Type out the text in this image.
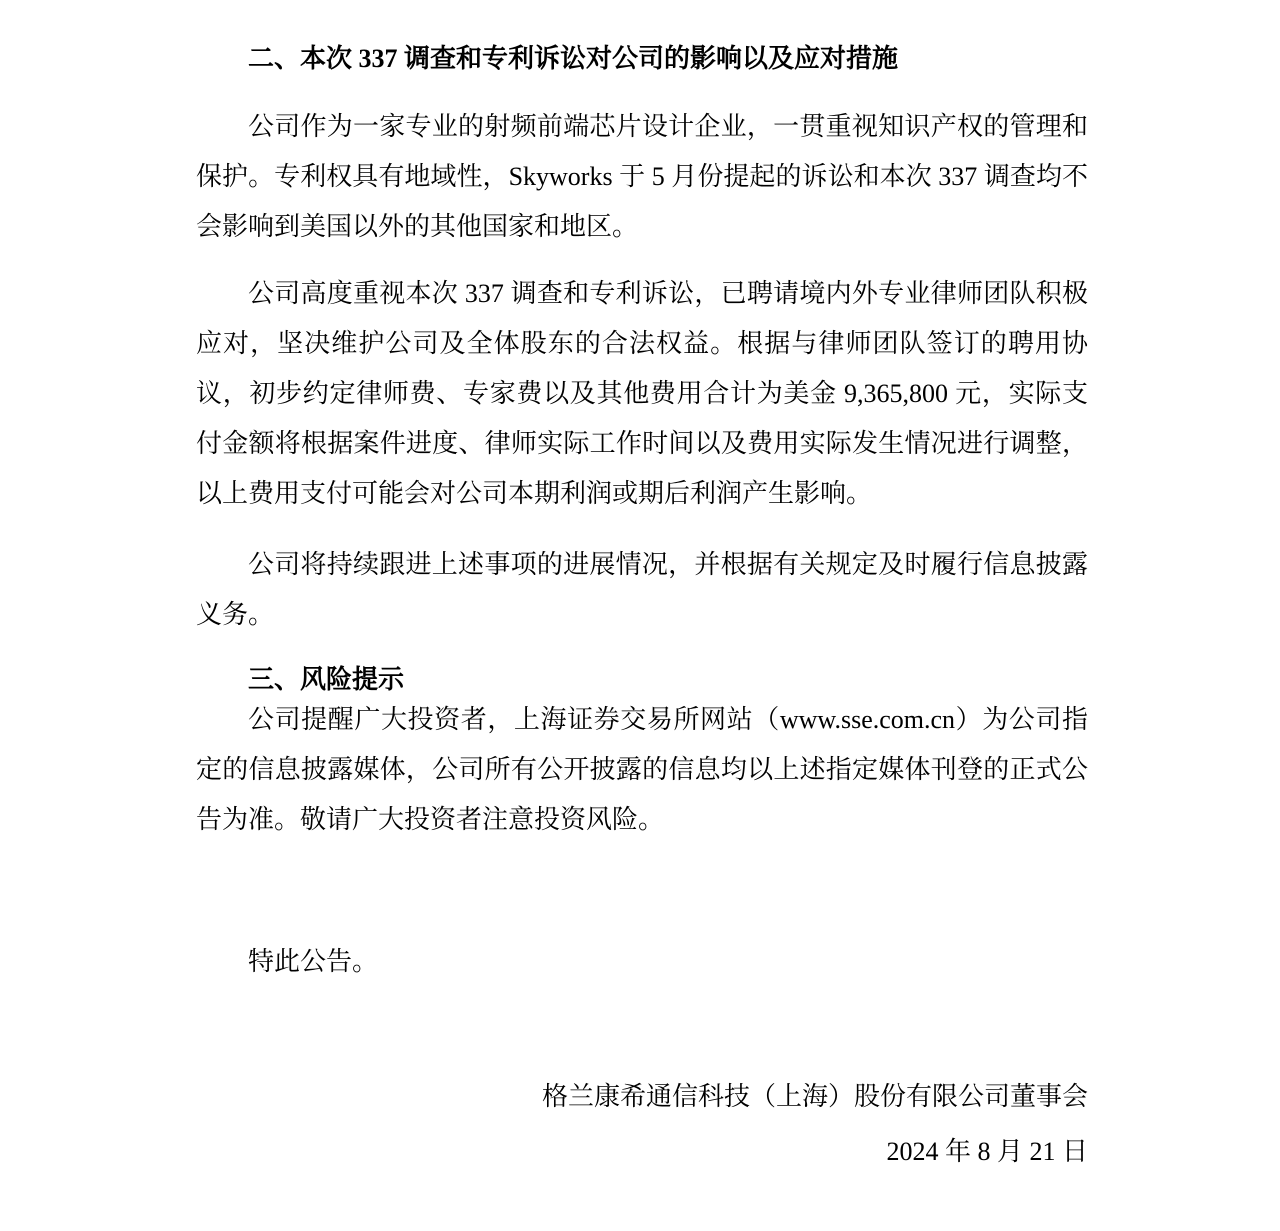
二、本次 337 调查和专利诉讼对公司的影响以及应对措施

公司作为一家专业的射频前端芯片设计企业，一贯重视知识产权的管理和保护。专利权具有地域性，Skyworks 于 5 月份提起的诉讼和本次 337 调查均不会影响到美国以外的其他国家和地区。

公司高度重视本次 337 调查和专利诉讼，已聘请境内外专业律师团队积极应对，坚决维护公司及全体股东的合法权益。根据与律师团队签订的聘用协议，初步约定律师费、专家费以及其他费用合计为美金 9,365,800 元，实际支付金额将根据案件进度、律师实际工作时间以及费用实际发生情况进行调整，以上费用支付可能会对公司本期利润或期后利润产生影响。

公司将持续跟进上述事项的进展情况，并根据有关规定及时履行信息披露义务。

三、风险提示

公司提醒广大投资者，上海证券交易所网站（www.sse.com.cn）为公司指定的信息披露媒体，公司所有公开披露的信息均以上述指定媒体刊登的正式公告为准。敬请广大投资者注意投资风险。

特此公告。

格兰康希通信科技（上海）股份有限公司董事会

2024 年 8 月 21 日
